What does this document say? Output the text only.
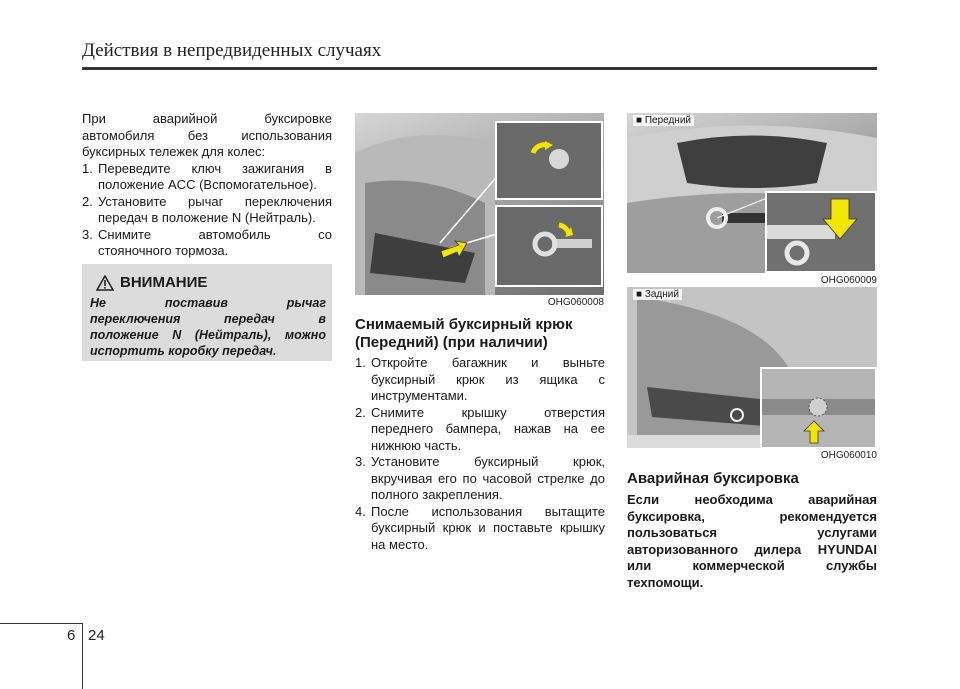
Действия в непредвиденных случаях
При аварийной буксировке
автомобиля без использования
буксирных тележек для колес:
1. Переведите ключ зажигания в
положение ACC (Вспомогательное).
2. Установите рычаг переключения
передач в положение N (Нейтраль).
3. Снимите автомобиль со
стояночного тормоза.
ВНИМАНИЕ
Не поставив рычаг
переключения передач в
положение N (Нейтраль), можно
испортить коробку передач.
OHG060008
Снимаемый буксирный крюк
(Передний) (при наличии)
1. Откройте багажник и выньте
буксирный крюк из ящика с
инструментами.
2. Снимите крышку отверстия
переднего бампера, нажав на ее
нижнюю часть.
3. Установите буксирный крюк,
вкручивая его по часовой стрелке до
полного закрепления.
4. После использования вытащите
буксирный крюк и поставьте крышку
на место.
■ Передний
OHG060009
■ Задний
OHG060010
Аварийная буксировка
Если необходима аварийная
буксировка, рекомендуется
пользоваться услугами
авторизованного дилера HYUNDAI
или коммерческой службы
техпомощи.
6 24
